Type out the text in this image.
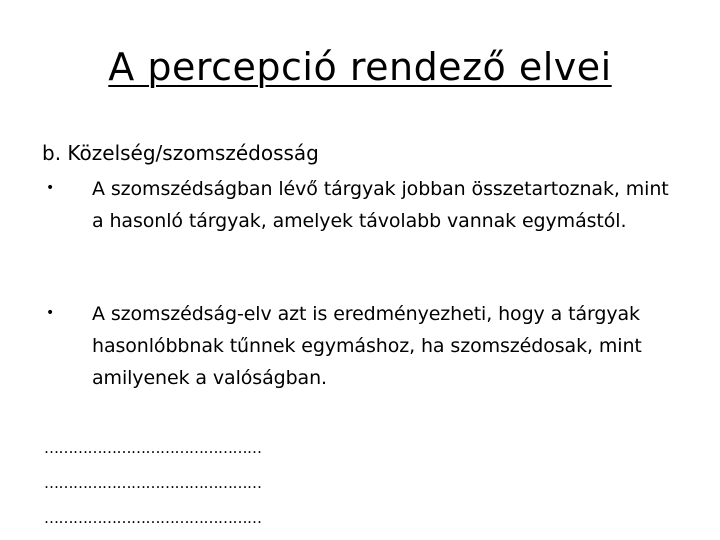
A percepció rendező elvei
b. Közelség/szomszédosság
• A szomszédságban lévő tárgyak jobban összetartoznak, mint a hasonló tárgyak, amelyek távolabb vannak egymástól.
• A szomszédság-elv azt is eredményezheti, hogy a tárgyak hasonlóbbnak tűnnek egymáshoz, ha szomszédosak, mint amilyenek a valóságban.
………………………………………
………………………………………
………………………………………
